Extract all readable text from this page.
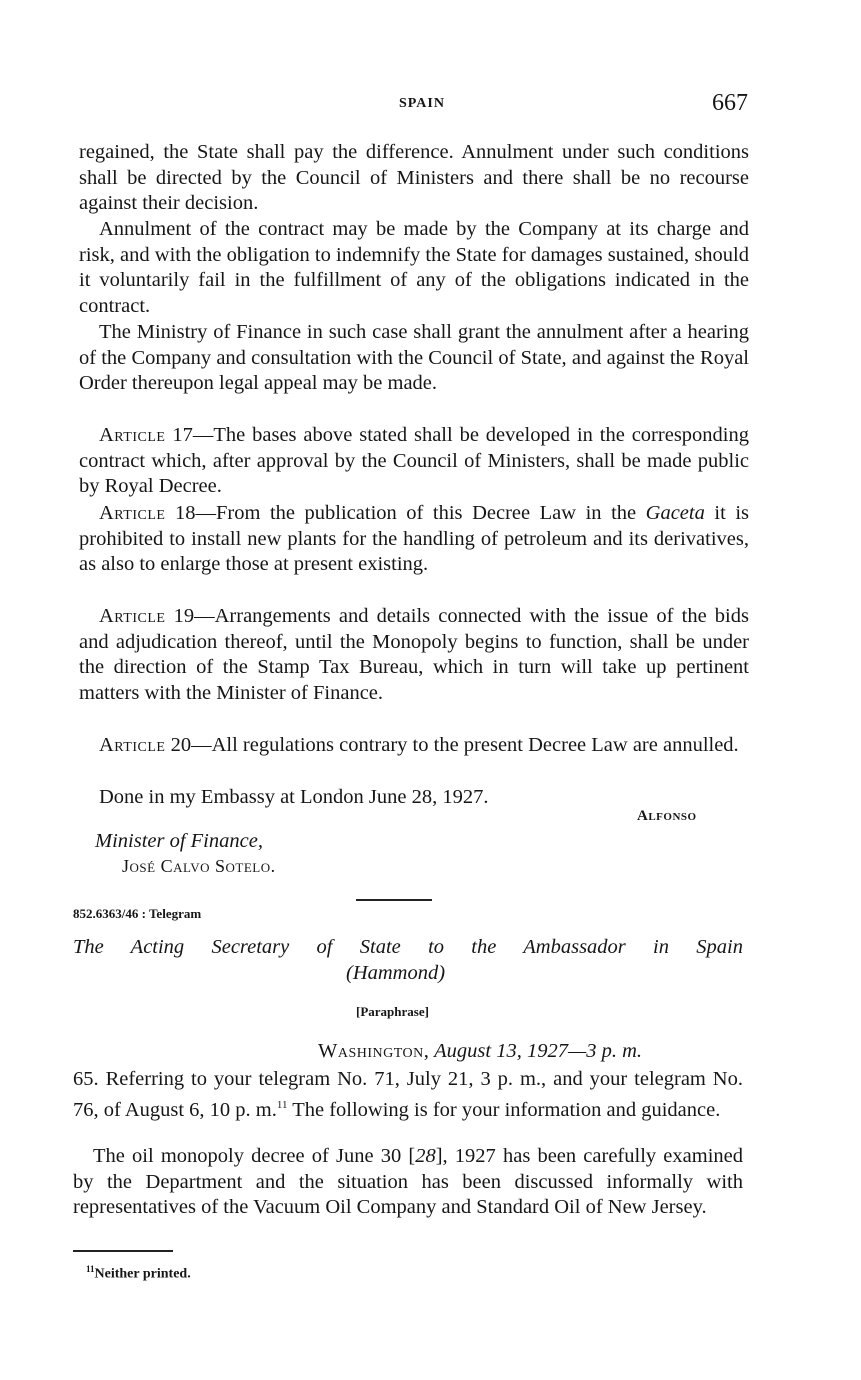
SPAIN	667

regained, the State shall pay the difference. Annulment under such conditions shall be directed by the Council of Ministers and there shall be no recourse against their decision.

Annulment of the contract may be made by the Company at its charge and risk, and with the obligation to indemnify the State for damages sustained, should it voluntarily fail in the fulfillment of any of the obligations indicated in the contract.

The Ministry of Finance in such case shall grant the annulment after a hearing of the Company and consultation with the Council of State, and against the Royal Order thereupon legal appeal may be made.

Article 17—The bases above stated shall be developed in the corresponding contract which, after approval by the Council of Ministers, shall be made public by Royal Decree.

Article 18—From the publication of this Decree Law in the Gaceta it is prohibited to install new plants for the handling of petroleum and its derivatives, as also to enlarge those at present existing.

Article 19—Arrangements and details connected with the issue of the bids and adjudication thereof, until the Monopoly begins to function, shall be under the direction of the Stamp Tax Bureau, which in turn will take up pertinent matters with the Minister of Finance.

Article 20—All regulations contrary to the present Decree Law are annulled.

Done in my Embassy at London June 28, 1927.
Alfonso
Minister of Finance,
José Calvo Sotelo.
852.6363/46 : Telegram
The Acting Secretary of State to the Ambassador in Spain
(Hammond)
[Paraphrase]
Washington, August 13, 1927—3 p. m.

65. Referring to your telegram No. 71, July 21, 3 p. m., and your telegram No. 76, of August 6, 10 p. m.$^{11}$ The following is for your information and guidance.

The oil monopoly decree of June 30 [28], 1927 has been carefully examined by the Department and the situation has been discussed informally with representatives of the Vacuum Oil Company and Standard Oil of New Jersey.

$^{11}$Neither printed.
